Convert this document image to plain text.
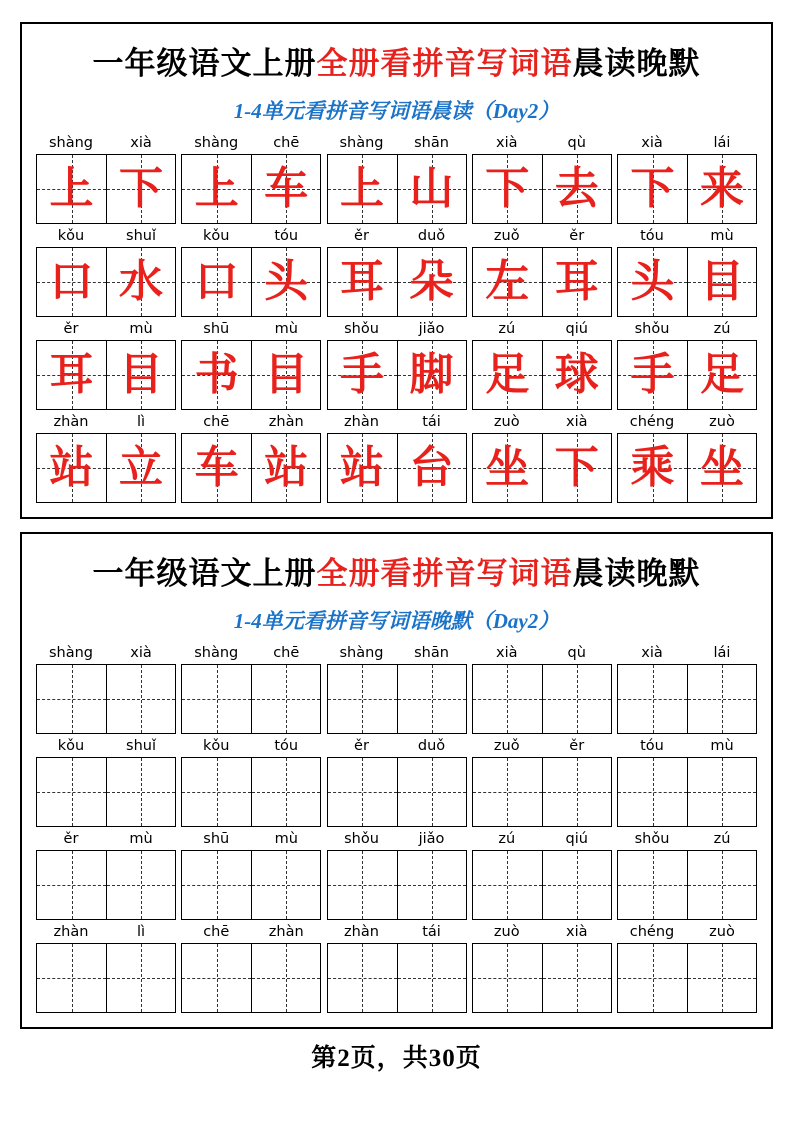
一年级语文上册全册看拼音写词语晨读晚默
1-4单元看拼音写词语晨读（Day2）
shàng	xià
上 下
shàng	chē
上 车
shàng	shān
上 山
xià	qù
下 去
xià	lái
下 来
kǒu	shuǐ
口 水
kǒu	tóu
口 头
ěr	duǒ
耳 朵
zuǒ	ěr
左 耳
tóu	mù
头 目
ěr	mù
耳 目
shū	mù
书 目
shǒu	jiǎo
手 脚
zú	qiú
足 球
shǒu	zú
手 足
zhàn	lì
站 立
chē	zhàn
车 站
zhàn	tái
站 台
zuò	xià
坐 下
chéng	zuò
乘 坐
一年级语文上册全册看拼音写词语晨读晚默
1-4单元看拼音写词语晚默（Day2）
shàng	xià	shàng	chē	shàng	shān	xià	qù	xià	lái
kǒu	shuǐ	kǒu	tóu	ěr	duǒ	zuǒ	ěr	tóu	mù
ěr	mù	shū	mù	shǒu	jiǎo	zú	qiú	shǒu	zú
zhàn	lì	chē	zhàn	zhàn	tái	zuò	xià	chéng	zuò
第2页，共30页
